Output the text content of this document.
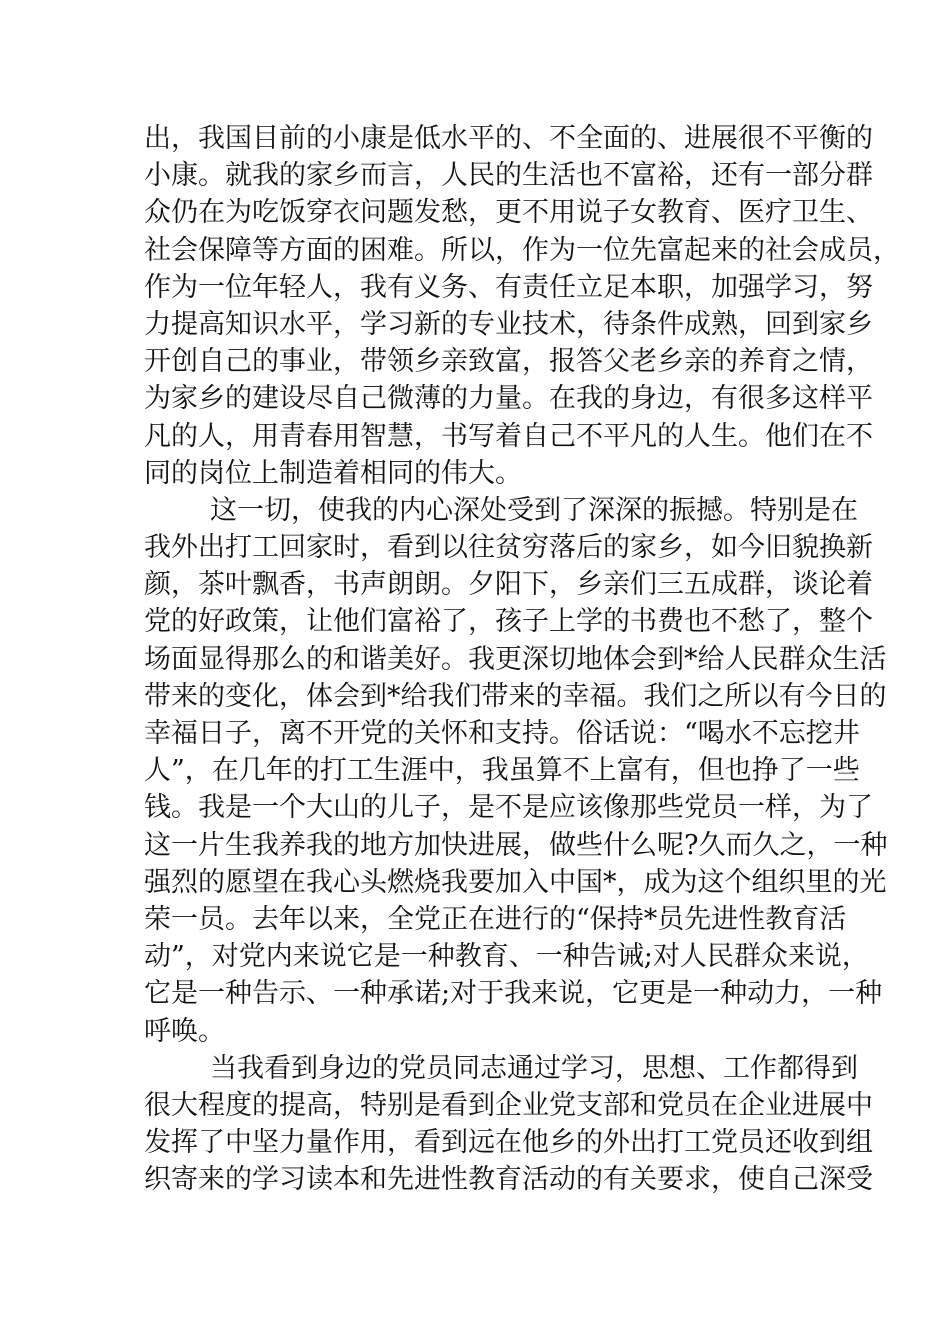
出，我国目前的小康是低水平的、不全面的、进展很不平衡的
小康。就我的家乡而言，人民的生活也不富裕，还有一部分群
众仍在为吃饭穿衣问题发愁，更不用说子女教育、医疗卫生、
社会保障等方面的困难。所以，作为一位先富起来的社会成员，
作为一位年轻人，我有义务、有责任立足本职，加强学习，努
力提高知识水平，学习新的专业技术，待条件成熟，回到家乡
开创自己的事业，带领乡亲致富，报答父老乡亲的养育之情，
为家乡的建设尽自己微薄的力量。在我的身边，有很多这样平
凡的人，用青春用智慧，书写着自己不平凡的人生。他们在不
同的岗位上制造着相同的伟大。
这一切，使我的内心深处受到了深深的振撼。特别是在
我外出打工回家时，看到以往贫穷落后的家乡，如今旧貌换新
颜，茶叶飘香，书声朗朗。夕阳下，乡亲们三五成群，谈论着
党的好政策，让他们富裕了，孩子上学的书费也不愁了，整个
场面显得那么的和谐美好。我更深切地体会到*给人民群众生活
带来的变化，体会到*给我们带来的幸福。我们之所以有今日的
幸福日子，离不开党的关怀和支持。俗话说：“喝水不忘挖井
人”，在几年的打工生涯中，我虽算不上富有，但也挣了一些
钱。我是一个大山的儿子，是不是应该像那些党员一样，为了
这一片生我养我的地方加快进展，做些什么呢?久而久之，一种
强烈的愿望在我心头燃烧我要加入中国*，成为这个组织里的光
荣一员。去年以来，全党正在进行的“保持*员先进性教育活
动”，对党内来说它是一种教育、一种告诫;对人民群众来说，
它是一种告示、一种承诺;对于我来说，它更是一种动力，一种
呼唤。
当我看到身边的党员同志通过学习，思想、工作都得到
很大程度的提高，特别是看到企业党支部和党员在企业进展中
发挥了中坚力量作用，看到远在他乡的外出打工党员还收到组
织寄来的学习读本和先进性教育活动的有关要求，使自己深受
